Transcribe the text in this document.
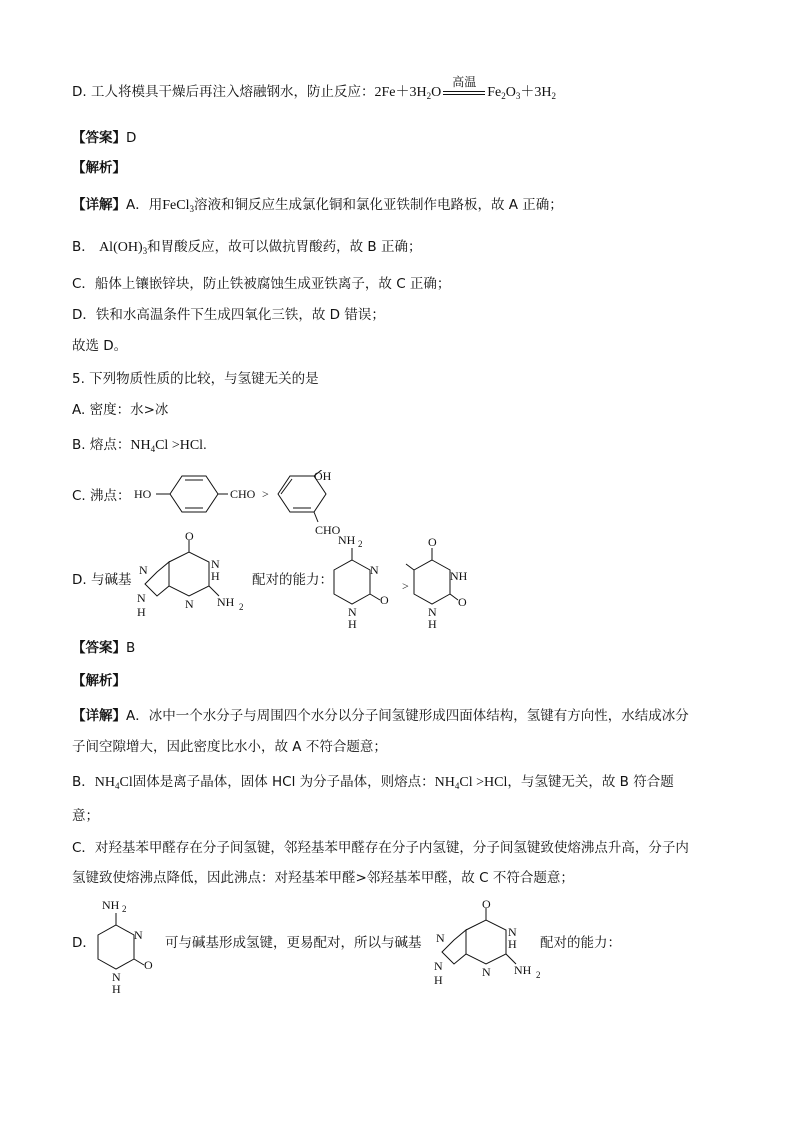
D. 工人将模具干燥后再注入熔融钢水，防止反应：$2Fe+3H_2O$
高温
$Fe_2O_3+3H_2$
【答案】D
【解析】
【详解】A．用FeCl$_3$溶液和铜反应生成氯化铜和氯化亚铁制作电路板，故 A 正确；
B． $Al(OH)_3$和胃酸反应，故可以做抗胃酸药，故 B 正确；
C．船体上镶嵌锌块，防止铁被腐蚀生成亚铁离子，故 C 正确；
D．铁和水高温条件下生成四氧化三铁，故 D 错误；
故选 D。
5. 下列物质性质的比较，与氢键无关的是
A. 密度：水>冰
B. 熔点：$NH_4Cl >HCl$.
C. 沸点： HO	CHO >
OH
CHO
D. 与碱基
O
N
N
H
N
H
N NH 2
配对的能力：
NH 2
N
N
H
O
>
O
NH
N
H
O
【答案】B
【解析】
【详解】A．冰中一个水分子与周围四个水分以分子间氢键形成四面体结构，氢键有方向性，水结成冰分
子间空隙增大，因此密度比水小，故 A 不符合题意；
B．$NH_4Cl$固体是离子晶体，固体 HCl 为分子晶体，则熔点：$NH_4Cl >HCl$，与氢键无关，故 B 符合题
意；
C．对羟基苯甲醛存在分子间氢键，邻羟基苯甲醛存在分子内氢键，分子间氢键致使熔沸点升高，分子内
氢键致使熔沸点降低，因此沸点：对羟基苯甲醛>邻羟基苯甲醛，故 C 不符合题意；
D．
NH 2
N
N
H
O
可与碱基形成氢键，更易配对，所以与碱基
O
N
N
H
N
H
N NH 2
配对的能力：
